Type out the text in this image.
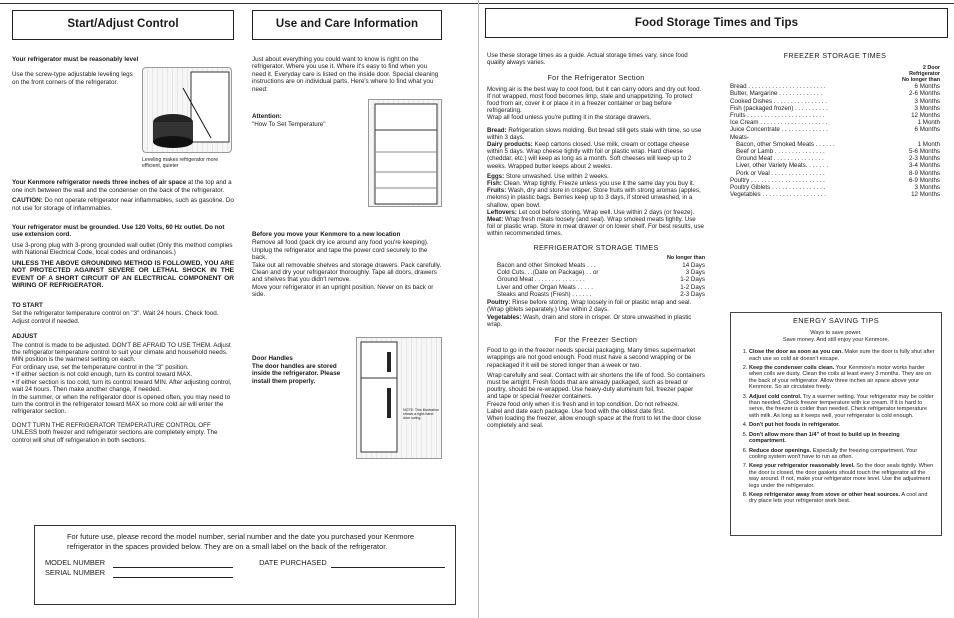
Start/Adjust Control

Your refrigerator must be reasonably level

Use the screw-type adjustable leveling legs on the front corners of the refrigerator.
Leveling makes refrigerator more efficient, quieter

Your Kenmore refrigerator needs three inches of air space at the top and a one inch between the wall and the condenser on the back of the refrigerator.

CAUTION: Do not operate refrigerator near inflammables, such as gasoline. Do not use for storage of inflammables.

Your refrigerator must be grounded. Use 120 Volts, 60 Hz outlet. Do not use extension cord.

Use 3-prong plug with 3-prong grounded wall outlet (Only this method complies with National Electrical Code, local codes and ordinances.)

UNLESS THE ABOVE GROUNDING METHOD IS FOLLOWED, YOU ARE NOT PROTECTED AGAINST SEVERE OR LETHAL SHOCK IN THE EVENT OF A SHORT CIRCUIT OF AN ELECTRICAL COMPONENT OR WIRING OF REFRIGERATOR.

TO START

Set the refrigerator temperature control on "3". Wait 24 hours. Check food. Adjust control if needed.

ADJUST

The control is made to be adjusted. DON'T BE AFRAID TO USE THEM. Adjust the refrigerator temperature control to suit your climate and household needs.

MIN position is the warmest setting on each.

For ordinary use, set the temperature control in the "3" position.

• If either section is not cold enough, turn its control toward MAX.

• If either section is too cold, turn its control toward MIN. After adjusting control, wait 24 hours. Then make another change, if needed.

In the summer, or when the refrigerator door is opened often, you may need to turn the control in the refrigerator toward MAX so more cold air will enter the refrigerator section.

DON'T TURN THE REFRIGERATOR TEMPERATURE CONTROL OFF UNLESS both freezer and refrigerator sections are completely empty. The control will shut off refrigeration in both sections.

Use and Care Information

Just about everything you could want to know is right on the refrigerator. Where you use it. Where it's easy to find when you need it. Everyday care is listed on the inside door. Special cleaning instructions are on individual parts. Here's where to find what you need:

Attention:
"How To Set Temperature"

Before you move your Kenmore to a new location

Remove all food (pack dry ice around any food you're keeping). Unplug the refrigerator and tape the power cord securely to the back.

Take out all removable shelves and storage drawers. Pack carefully. Clean and dry your refrigerator thoroughly. Tape all doors, drawers and shelves that you didn't remove.

Move your refrigerator in an upright position. Never on its back or side.

Door Handles
The door handles are stored inside the refrigerator. Please install them properly.
NOTE: This illustration shows a right-hand door swing.
For future use, please record the model number, serial number and the date you purchased your Kenmore refrigerator in the spaces provided below. They are on a small label on the back of the refrigerator.
MODEL NUMBER	DATE PURCHASED
SERIAL NUMBER
Food Storage Times and Tips

Use these storage times as a guide. Actual storage times vary, since food quality always varies.

For the Refrigerator Section

Moving air is the best way to cool food, but it can carry odors and dry out food. If not wrapped, most food becomes limp, stale and unappetizing. To protect food from air, cover it or place it in a freezer container or bag before refrigerating.

Wrap all food unless you're putting it in the storage drawers.

Bread: Refrigeration slows molding. But bread still gets stale with time, so use within 3 days.

Dairy products: Keep cartons closed. Use milk, cream or cottage cheese within 5 days. Wrap cheese tightly with foil or plastic wrap. Hard cheese (cheddar, etc.) will keep as long as a month. Soft cheeses will keep up to 2 weeks. Wrapped butter keeps about 2 weeks.

Eggs: Store unwashed. Use within 2 weeks.

Fish: Clean. Wrap tightly. Freeze unless you use it the same day you buy it.

Fruits: Wash, dry and store in crisper. Store fruits with strong aromas (apples, melons) in plastic bags. Berries keep up to 3 days, if stored unwashed, in a shallow, open bowl.

Leftovers: Let cool before storing. Wrap well. Use within 2 days (or freeze).

Meat: Wrap fresh meats loosely (and seal). Wrap smoked meats tightly. Use foil or plastic wrap. Store in meat drawer or on lower shelf. For best results, use within recommended times.

REFRIGERATOR STORAGE TIMES
No longer than
Bacon and other Smoked Meats . . .	14 Days
Cold Cuts. . .(Date on Package) . . or	3 Days
Ground Meat . . . . . . . . . . . . . . .	1-2 Days
Liver and other Organ Meats . . . . .	1-2 Days
Steaks and Roasts (Fresh) . . . . . .	2-3 Days

Poultry: Rinse before storing. Wrap loosely in foil or plastic wrap and seal. (Wrap giblets separately.) Use within 2 days.

Vegetables: Wash, drain and store in crisper. Or store unwashed in plastic wrap.

For the Freezer Section

Food to go in the freezer needs special packaging. Many times supermarket wrappings are not good enough. Food must have a second wrapping or be repackaged if it will be stored longer than a week or two.

Wrap carefully and seal. Contact with air shortens the life of food. So containers must be airtight. Fresh foods that are already packaged, such as bread or poultry, should be re-wrapped. Use heavy-duty aluminum foil, freezer paper and tape or special freezer containers.

Freeze food only when it is fresh and in top condition. Do not refreeze.

Label and date each package. Use food with the oldest date first.

When loading the freezer, allow enough space at the front to let the door close completely and seal.

FREEZER STORAGE TIMES
2 Door
Refrigerator
No longer than
Bread . . . . . . . . . . . . . . . . . . . . . . .	6 Months
Butter, Margarine . . . . . . . . . . . . .	2-6 Months
Cooked Dishes . . . . . . . . . . . . . . . .	3 Months
Fish (packaged frozen) . . . . . . . . . .	3 Months
Fruits . . . . . . . . . . . . . . . . . . . . . . .	12 Months
Ice Cream . . . . . . . . . . . . . . . . . . . .	1 Month
Juice Concentrate . . . . . . . . . . . . . .	6 Months
Meats-
Bacon, other Smoked Meats . . . . . .	1 Month
Beef or Lamb . . . . . . . . . . . . . . .	5-6 Months
Ground Meat . . . . . . . . . . . . . . .	2-3 Months
Liver, other Variety Meats. . . . . . .	3-4 Months
Pork or Veal . . . . . . . . . . . . . . . .	8-9 Months
Poultry . . . . . . . . . . . . . . . . . . . . . .	6-9 Months
Poultry Giblets . . . . . . . . . . . . . . . .	3 Months
Vegetables . . . . . . . . . . . . . . . . . . .	12 Months
ENERGY SAVING TIPS
Ways to save power.
Save money. And still enjoy your Kenmore.
1. Close the door as soon as you can. Make sure the door is fully shut after each use so cold air doesn't escape.
2. Keep the condenser coils clean. Your Kenmore's motor works harder when coils are dusty. Clean the coils at least every 3 months. They are on the back of your refrigerator. Allow three inches air space above your Kenmore. So air circulates freely.
3. Adjust cold control. Try a warmer setting. Your refrigerator may be colder than needed. Check freezer temperature with ice cream. If it is hard to serve, the freezer is colder than needed. Check refrigerator temperature with milk. As long as it keeps well, your refrigerator is cold enough.
4. Don't put hot foods in refrigerator.
5. Don't allow more than 1/4" of frost to build up in freezing compartment.
6. Reduce door openings. Especially the freezing compartment. Your cooling system won't have to run as often.
7. Keep your refrigerator reasonably level. So the door seals tightly. When the door is closed, the door gaskets should touch the refrigerator all the way around. If not, make your refrigerator more level. Use the adjustment legs under the refrigerator.
8. Keep refrigerator away from stove or other heat sources. A cool and dry place lets your refrigerator work best.
